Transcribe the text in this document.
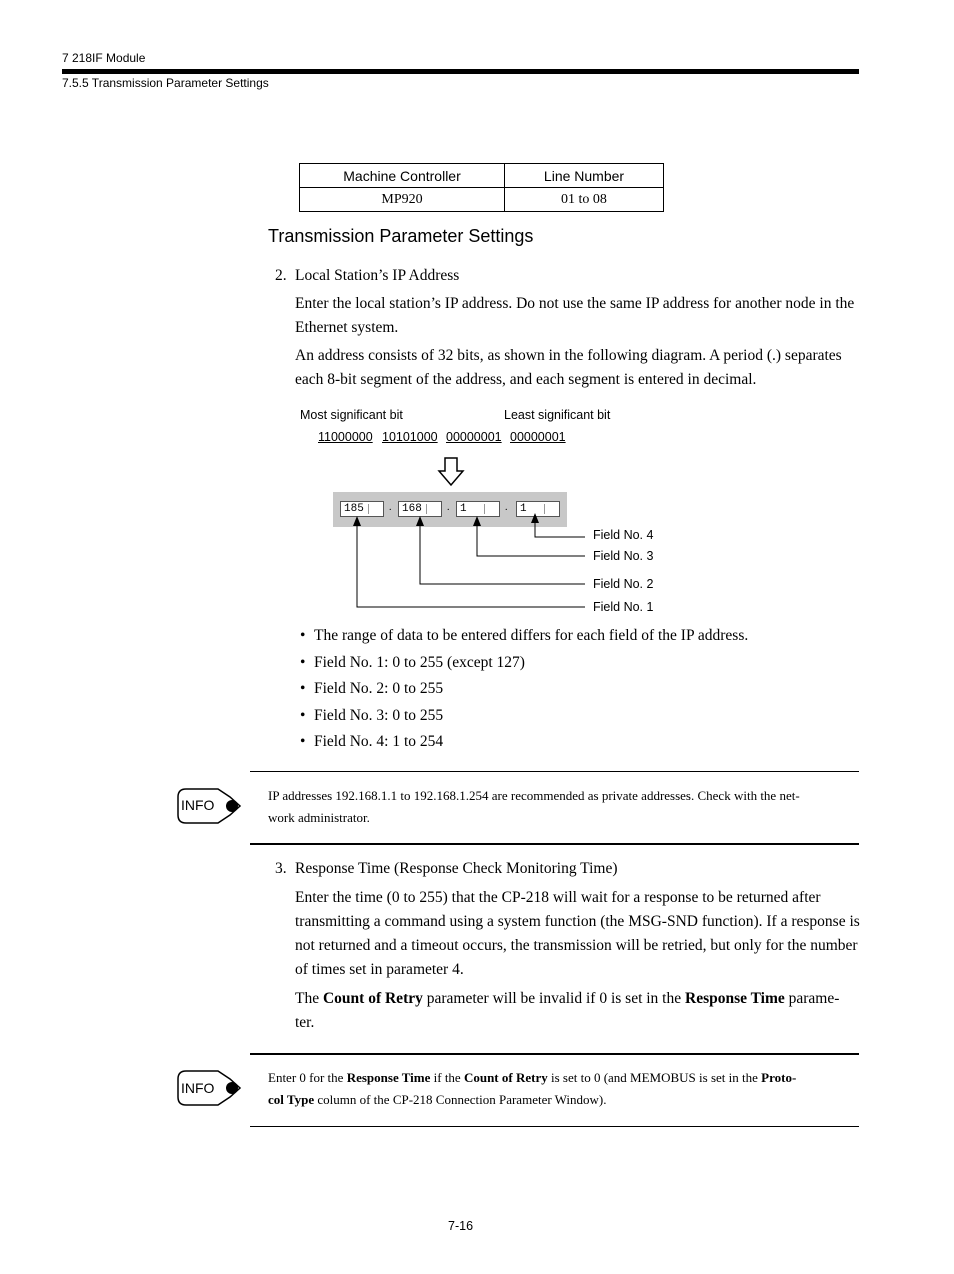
7 218IF Module
7.5.5 Transmission Parameter Settings
Machine Controller	Line Number
MP920	01 to 08
Transmission Parameter Settings
2. Local Station’s IP Address
Enter the local station’s IP address. Do not use the same IP address for another node in the Ethernet system.
An address consists of 32 bits, as shown in the following diagram. A period (.) separates each 8-bit segment of the address, and each segment is entered in decimal.
Most significant bit	Least significant bit
11000000 10101000 00000001 00000001
185	. 168	. 1	. 1
Field No. 4
Field No. 3
Field No. 2
Field No. 1
• The range of data to be entered differs for each field of the IP address.
• Field No. 1: 0 to 255 (except 127)
• Field No. 2: 0 to 255
• Field No. 3: 0 to 255
• Field No. 4: 1 to 254
INFO
IP addresses 192.168.1.1 to 192.168.1.254 are recommended as private addresses. Check with the net-
work administrator.
3. Response Time (Response Check Monitoring Time)
Enter the time (0 to 255) that the CP-218 will wait for a response to be returned after transmitting a command using a system function (the MSG-SND function). If a response is not returned and a timeout occurs, the transmission will be retried, but only for the number of times set in parameter 4.
The Count of Retry parameter will be invalid if 0 is set in the Response Time parame-
ter.
INFO
Enter 0 for the Response Time if the Count of Retry is set to 0 (and MEMOBUS is set in the Proto-
col Type column of the CP-218 Connection Parameter Window).
7-16
